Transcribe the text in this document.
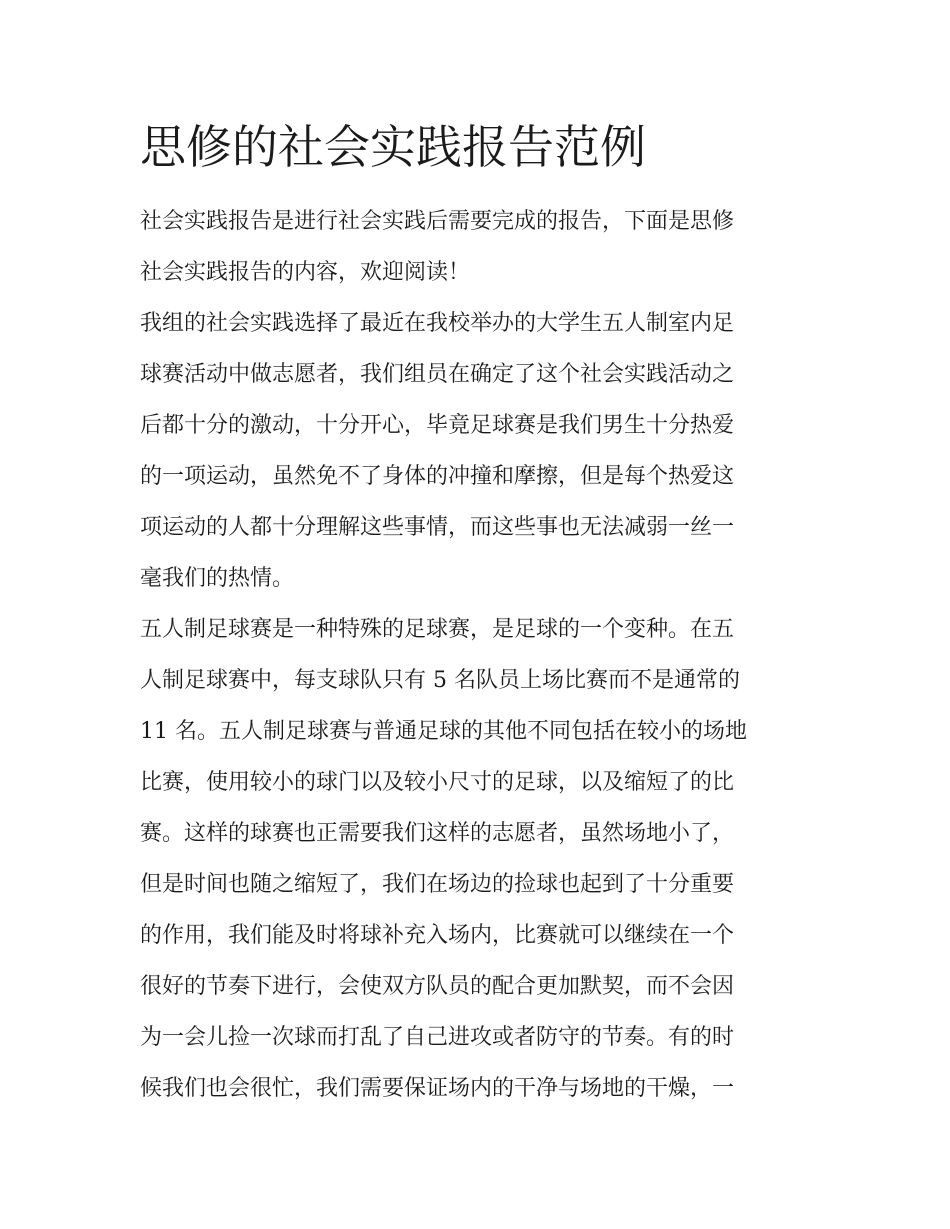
思修的社会实践报告范例
社会实践报告是进行社会实践后需要完成的报告，下面是思修
社会实践报告的内容，欢迎阅读！
我组的社会实践选择了最近在我校举办的大学生五人制室内足
球赛活动中做志愿者，我们组员在确定了这个社会实践活动之
后都十分的激动，十分开心，毕竟足球赛是我们男生十分热爱
的一项运动，虽然免不了身体的冲撞和摩擦，但是每个热爱这
项运动的人都十分理解这些事情，而这些事也无法减弱一丝一
毫我们的热情。
五人制足球赛是一种特殊的足球赛，是足球的一个变种。在五
人制足球赛中，每支球队只有 5 名队员上场比赛而不是通常的
11 名。五人制足球赛与普通足球的其他不同包括在较小的场地
比赛，使用较小的球门以及较小尺寸的足球，以及缩短了的比
赛。这样的球赛也正需要我们这样的志愿者，虽然场地小了，
但是时间也随之缩短了，我们在场边的捡球也起到了十分重要
的作用，我们能及时将球补充入场内，比赛就可以继续在一个
很好的节奏下进行，会使双方队员的配合更加默契，而不会因
为一会儿捡一次球而打乱了自己进攻或者防守的节奏。有的时
候我们也会很忙，我们需要保证场内的干净与场地的干燥，一
